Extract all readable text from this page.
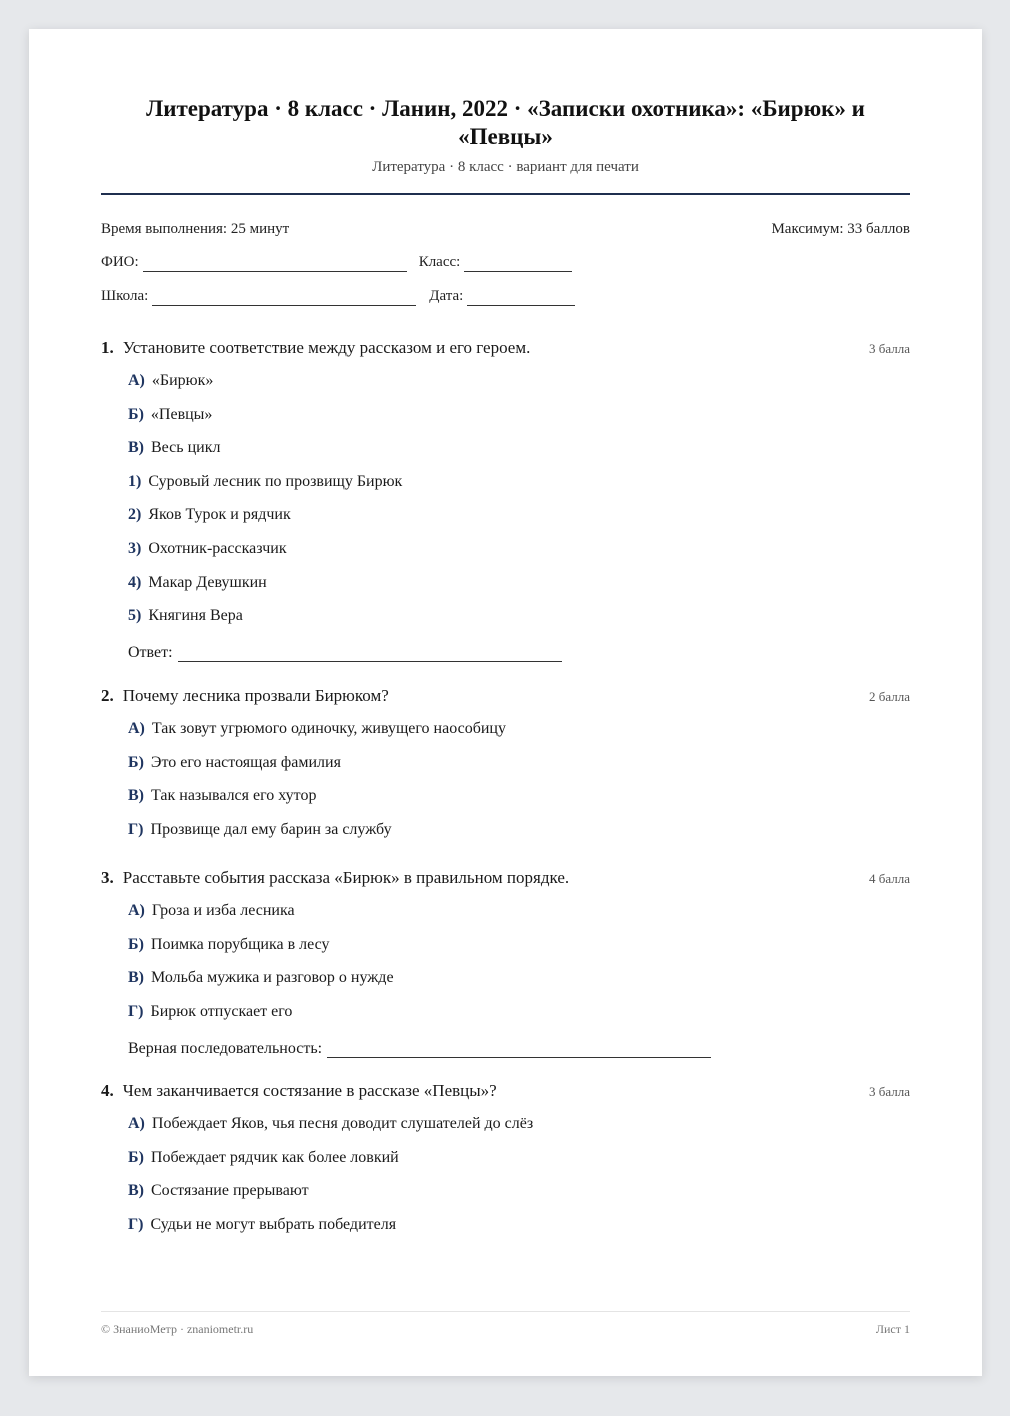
Литература · 8 класс · Ланин, 2022 · «Записки охотника»: «Бирюк» и «Певцы»
Литература · 8 класс · вариант для печати
Время выполнения: 25 минут	Максимум: 33 баллов
ФИО:	Класс:
Школа:	Дата:
1. Установите соответствие между рассказом и его героем.	3 балла
А) «Бирюк»
Б) «Певцы»
В) Весь цикл
1) Суровый лесник по прозвищу Бирюк
2) Яков Турок и рядчик
3) Охотник-рассказчик
4) Макар Девушкин
5) Княгиня Вера
Ответ:
2. Почему лесника прозвали Бирюком?	2 балла
А) Так зовут угрюмого одиночку, живущего наособицу
Б) Это его настоящая фамилия
В) Так назывался его хутор
Г) Прозвище дал ему барин за службу
3. Расставьте события рассказа «Бирюк» в правильном порядке.	4 балла
А) Гроза и изба лесника
Б) Поимка порубщика в лесу
В) Мольба мужика и разговор о нужде
Г) Бирюк отпускает его
Верная последовательность:
4. Чем заканчивается состязание в рассказе «Певцы»?	3 балла
А) Побеждает Яков, чья песня доводит слушателей до слёз
Б) Побеждает рядчик как более ловкий
В) Состязание прерывают
Г) Судьи не могут выбрать победителя
© ЗнаниоМетр · znaniometr.ru	Лист 1
